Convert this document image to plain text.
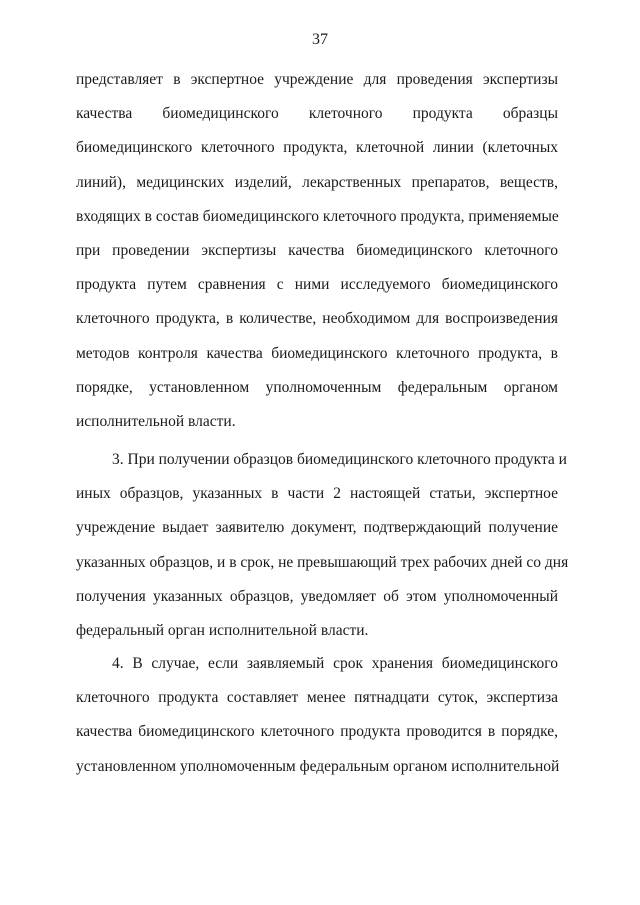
37
представляет в экспертное учреждение для проведения экспертизы
качества биомедицинского клеточного продукта образцы
биомедицинского клеточного продукта, клеточной линии (клеточных
линий), медицинских изделий, лекарственных препаратов, веществ,
входящих в состав биомедицинского клеточного продукта, применяемые
при проведении экспертизы качества биомедицинского клеточного
продукта путем сравнения с ними исследуемого биомедицинского
клеточного продукта, в количестве, необходимом для воспроизведения
методов контроля качества биомедицинского клеточного продукта, в
порядке, установленном уполномоченным федеральным органом
исполнительной власти.
3. При получении образцов биомедицинского клеточного продукта и
иных образцов, указанных в части 2 настоящей статьи, экспертное
учреждение выдает заявителю документ, подтверждающий получение
указанных образцов, и в срок, не превышающий трех рабочих дней со дня
получения указанных образцов, уведомляет об этом уполномоченный
федеральный орган исполнительной власти.
4. В случае, если заявляемый срок хранения биомедицинского
клеточного продукта составляет менее пятнадцати суток, экспертиза
качества биомедицинского клеточного продукта проводится в порядке,
установленном уполномоченным федеральным органом исполнительной
